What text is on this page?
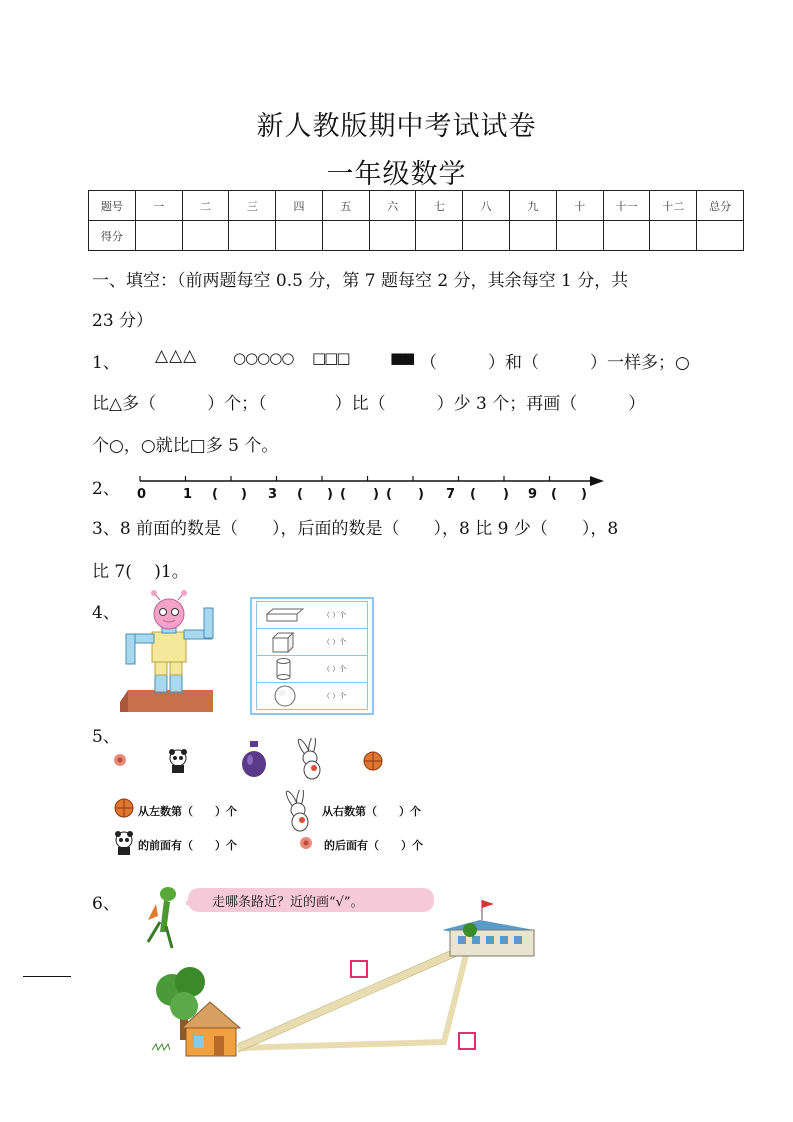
新人教版期中考试试卷
一年级数学
题号	一	二	三	四	五	六	七	八	九	十	十一	十二	总分
得分													
一、填空：（前两题每空 0.5 分，第 7 题每空 2 分，其余每空 1 分，共
23 分）
1、 △△△ ○○○○○ □□□	■■ （　　　）和（　　　）一样多；○
比△多（　　　）个；（　　　　）比（　　　）少 3 个；再画（　　　）
个○，○就比□多 5 个。
2、 0	1 ( ) 3 ( ) ( ) ( ) 7 ( ) 9 ( )
3、8 前面的数是（　　），后面的数是（　　），8 比 9 少（　　），8
比 7(　 )1。
4、	（ ）个
（ ）个
（ ）个
（ ）个
5、
从左数第（　　）个	从右数第（　　）个
的前面有（　　）个	的后面有（　　）个
6、	走哪条路近？近的画“√”。
